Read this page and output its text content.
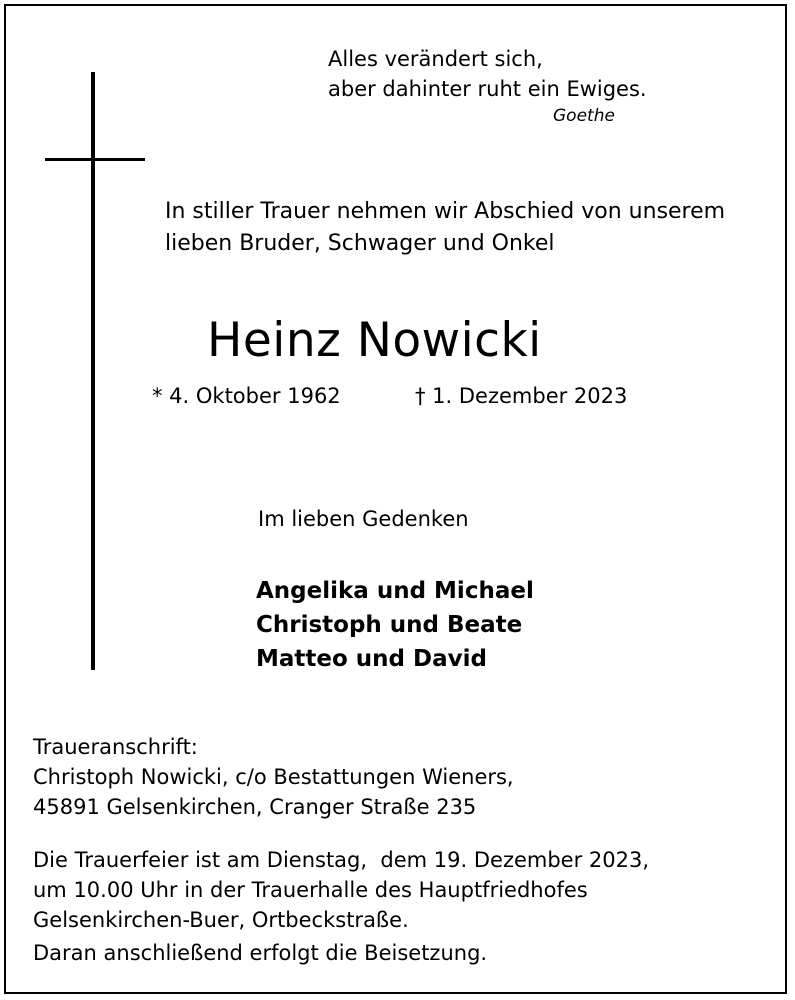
Alles verändert sich,
aber dahinter ruht ein Ewiges.
Goethe
In stiller Trauer nehmen wir Abschied von unserem
lieben Bruder, Schwager und Onkel
Heinz Nowicki
* 4. Oktober 1962	† 1. Dezember 2023
Im lieben Gedenken
Angelika und Michael
Christoph und Beate
Matteo und David
Traueranschrift:
Christoph Nowicki, c/o Bestattungen Wieners,
45891 Gelsenkirchen, Cranger Straße 235
Die Trauerfeier ist am Dienstag,  dem 19. Dezember 2023,
um 10.00 Uhr in der Trauerhalle des Hauptfriedhofes
Gelsenkirchen-Buer, Ortbeckstraße.
Daran anschließend erfolgt die Beisetzung.
